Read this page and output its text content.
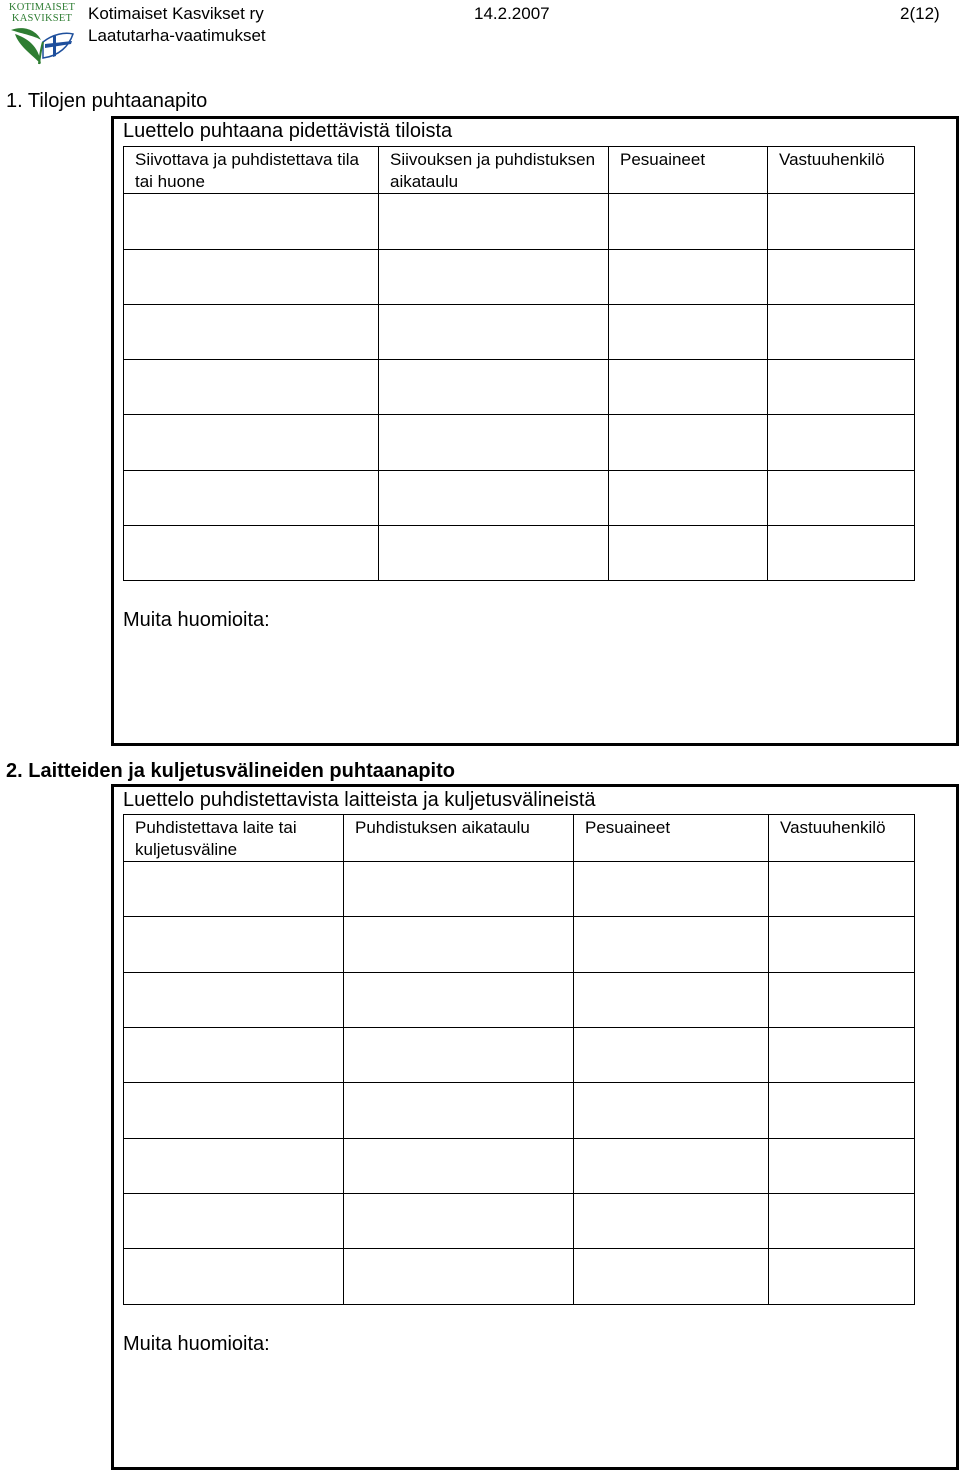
KOTIMAISET
KASVIKSET Kotimaiset Kasvikset ry
Laatutarha-vaatimukset
14.2.2007	2(12)
1. Tilojen puhtaanapito
Luettelo puhtaana pidettävistä tiloista
Siivottava ja puhdistettava tila tai huone	Siivouksen ja puhdistuksen aikataulu	Pesuaineet	Vastuuhenkilö

Muita huomioita:
2. Laitteiden ja kuljetusvälineiden puhtaanapito
Luettelo puhdistettavista laitteista ja kuljetusvälineistä
Puhdistettava laite tai kuljetusväline	Puhdistuksen aikataulu	Pesuaineet	Vastuuhenkilö

Muita huomioita:
